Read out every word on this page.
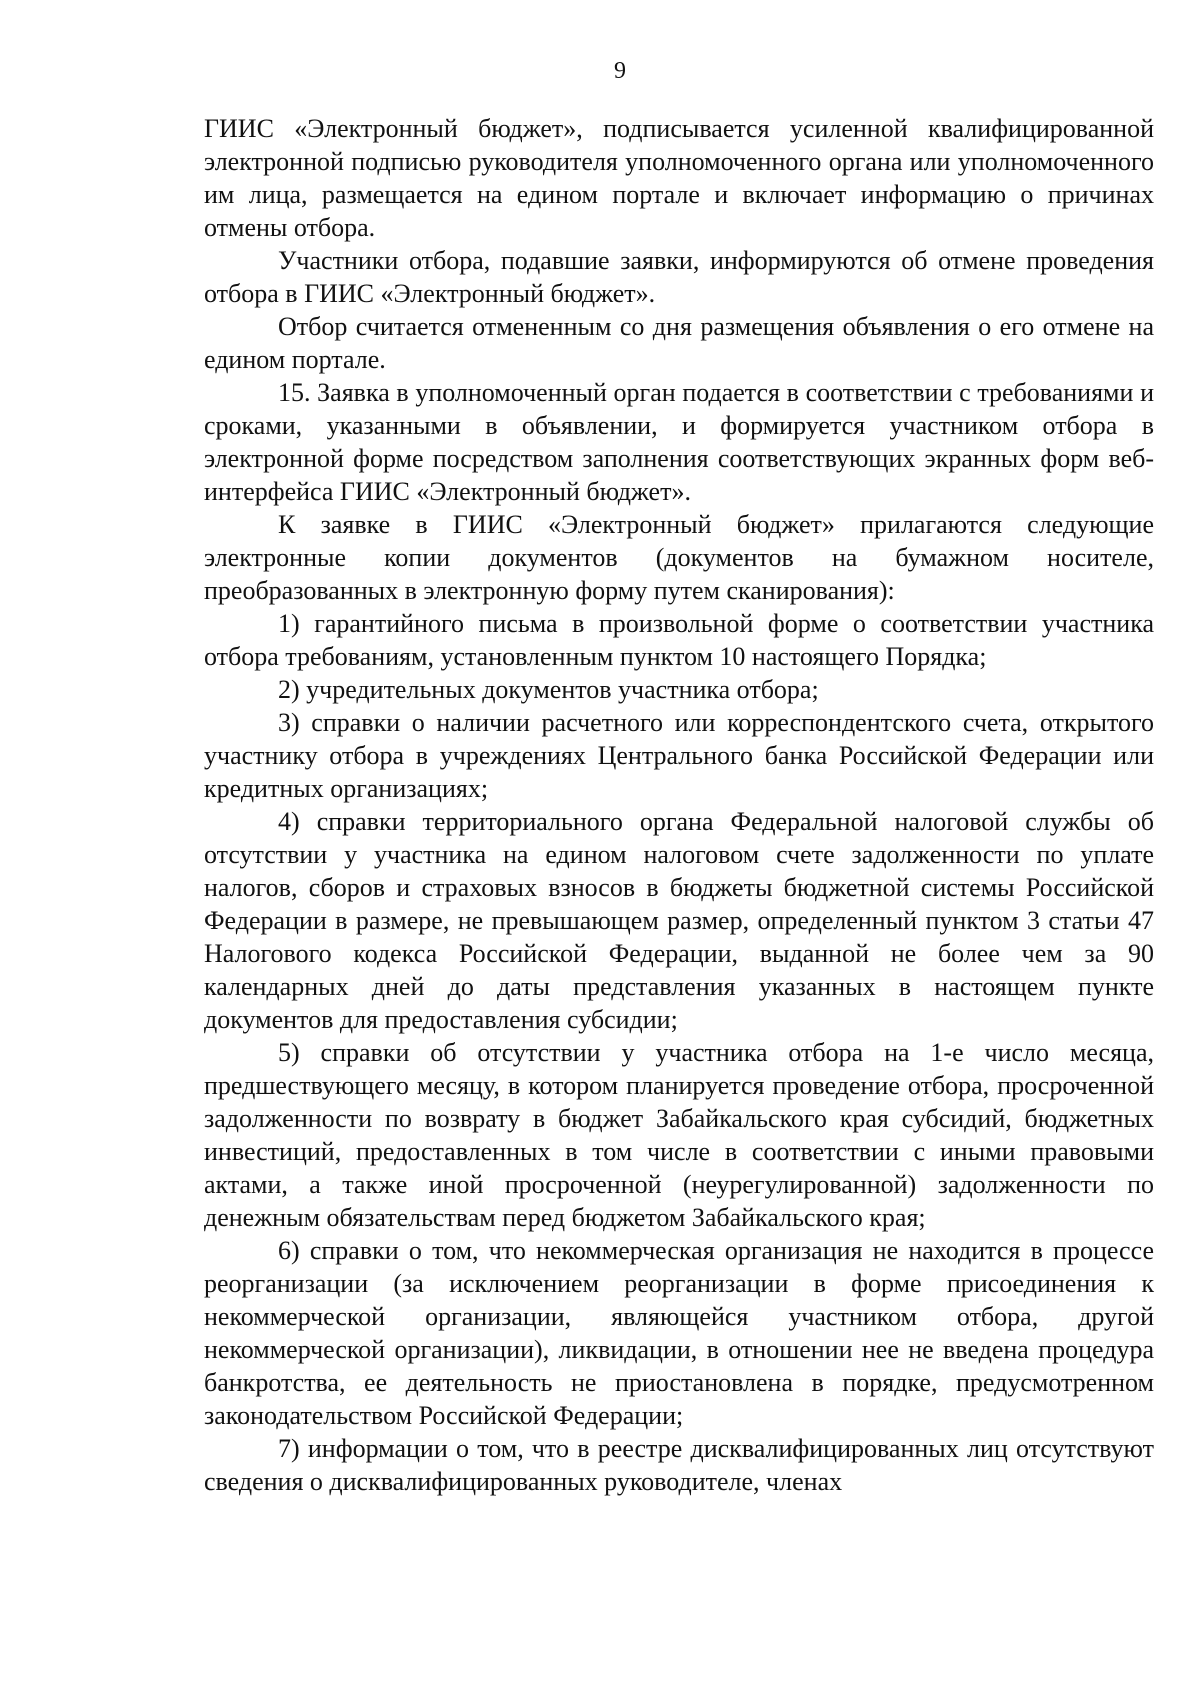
9

ГИИС «Электронный бюджет», подписывается усиленной квалифицированной электронной подписью руководителя уполномоченного органа или уполномоченного им лица, размещается на едином портале и включает информацию о причинах отмены отбора.

Участники отбора, подавшие заявки, информируются об отмене проведения отбора в ГИИС «Электронный бюджет».

Отбор считается отмененным со дня размещения объявления о его отмене на едином портале.

15. Заявка в уполномоченный орган подается в соответствии с требованиями и сроками, указанными в объявлении, и формируется участником отбора в электронной форме посредством заполнения соответствующих экранных форм веб-интерфейса ГИИС «Электронный бюджет».

К заявке в ГИИС «Электронный бюджет» прилагаются следующие электронные копии документов (документов на бумажном носителе, преобразованных в электронную форму путем сканирования):

1) гарантийного письма в произвольной форме о соответствии участника отбора требованиям, установленным пунктом 10 настоящего Порядка;

2) учредительных документов участника отбора;

3) справки о наличии расчетного или корреспондентского счета, открытого участнику отбора в учреждениях Центрального банка Российской Федерации или кредитных организациях;

4) справки территориального органа Федеральной налоговой службы об отсутствии у участника на едином налоговом счете задолженности по уплате налогов, сборов и страховых взносов в бюджеты бюджетной системы Российской Федерации в размере, не превышающем размер, определенный пунктом 3 статьи 47 Налогового кодекса Российской Федерации, выданной не более чем за 90 календарных дней до даты представления указанных в настоящем пункте документов для предоставления субсидии;

5) справки об отсутствии у участника отбора на 1-е число месяца, предшествующего месяцу, в котором планируется проведение отбора, просроченной задолженности по возврату в бюджет Забайкальского края субсидий, бюджетных инвестиций, предоставленных в том числе в соответствии с иными правовыми актами, а также иной просроченной (неурегулированной) задолженности по денежным обязательствам перед бюджетом Забайкальского края;

6) справки о том, что некоммерческая организация не находится в процессе реорганизации (за исключением реорганизации в форме присоединения к некоммерческой организации, являющейся участником отбора, другой некоммерческой организации), ликвидации, в отношении нее не введена процедура банкротства, ее деятельность не приостановлена в порядке, предусмотренном законодательством Российской Федерации;

7) информации о том, что в реестре дисквалифицированных лиц отсутствуют сведения о дисквалифицированных руководителе, членах
